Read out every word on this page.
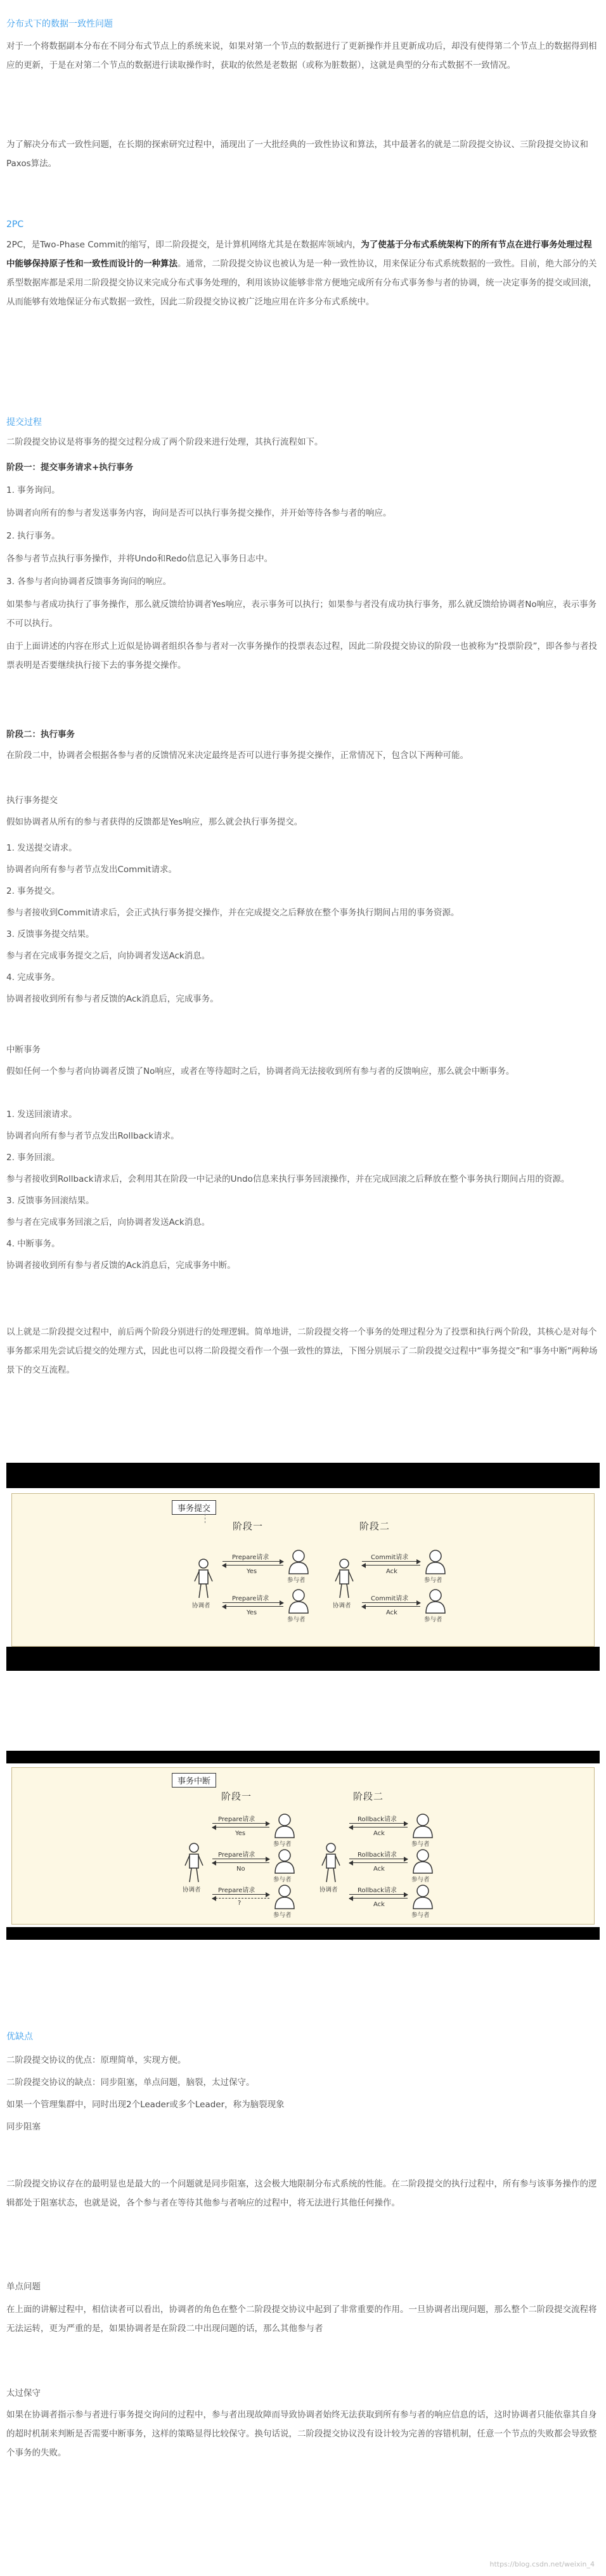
分布式下的数据一致性问题

对于一个将数据副本分布在不同分布式节点上的系统来说，如果对第一个节点的数据进行了更新操作并且更新成功后，却没有使得第二个节点上的数据得到相应的更新，于是在对第二个节点的数据进行读取操作时，获取的依然是老数据（或称为脏数据），这就是典型的分布式数据不一致情况。

为了解决分布式一致性问题，在长期的探索研究过程中，涌现出了一大批经典的一致性协议和算法，其中最著名的就是二阶段提交协议、三阶段提交协议和Paxos算法。

2PC

2PC，是Two-Phase Commit的缩写，即二阶段提交，是计算机网络尤其是在数据库领域内，为了使基于分布式系统架构下的所有节点在进行事务处理过程中能够保持原子性和一致性而设计的一种算法。通常，二阶段提交协议也被认为是一种一致性协议，用来保证分布式系统数据的一致性。目前，绝大部分的关系型数据库都是采用二阶段提交协议来完成分布式事务处理的，利用该协议能够非常方便地完成所有分布式事务参与者的协调，统一决定事务的提交或回滚，从而能够有效地保证分布式数据一致性，因此二阶段提交协议被广泛地应用在许多分布式系统中。

提交过程

二阶段提交协议是将事务的提交过程分成了两个阶段来进行处理，其执行流程如下。

阶段一：提交事务请求+执行事务
1. 事务询问。
协调者向所有的参与者发送事务内容，询问是否可以执行事务提交操作，并开始等待各参与者的响应。
2. 执行事务。
各参与者节点执行事务操作，并将Undo和Redo信息记入事务日志中。
3. 各参与者向协调者反馈事务询问的响应。
如果参与者成功执行了事务操作，那么就反馈给协调者Yes响应，表示事务可以执行；如果参与者没有成功执行事务，那么就反馈给协调者No响应，表示事务不可以执行。
由于上面讲述的内容在形式上近似是协调者组织各参与者对一次事务操作的投票表态过程，因此二阶段提交协议的阶段一也被称为“投票阶段”，即各参与者投票表明是否要继续执行接下去的事务提交操作。
阶段二：执行事务

在阶段二中，协调者会根据各参与者的反馈情况来决定最终是否可以进行事务提交操作，正常情况下，包含以下两种可能。

执行事务提交
假如协调者从所有的参与者获得的反馈都是Yes响应，那么就会执行事务提交。
1. 发送提交请求。
协调者向所有参与者节点发出Commit请求。
2. 事务提交。
参与者接收到Commit请求后，会正式执行事务提交操作，并在完成提交之后释放在整个事务执行期间占用的事务资源。
3. 反馈事务提交结果。
参与者在完成事务提交之后，向协调者发送Ack消息。
4. 完成事务。
协调者接收到所有参与者反馈的Ack消息后，完成事务。
中断事务

假如任何一个参与者向协调者反馈了No响应，或者在等待超时之后，协调者尚无法接收到所有参与者的反馈响应，那么就会中断事务。

1. 发送回滚请求。
协调者向所有参与者节点发出Rollback请求。
2. 事务回滚。
参与者接收到Rollback请求后，会利用其在阶段一中记录的Undo信息来执行事务回滚操作，并在完成回滚之后释放在整个事务执行期间占用的资源。
3. 反馈事务回滚结果。
参与者在完成事务回滚之后，向协调者发送Ack消息。
4. 中断事务。
协调者接收到所有参与者反馈的Ack消息后，完成事务中断。

以上就是二阶段提交过程中，前后两个阶段分别进行的处理逻辑。简单地讲，二阶段提交将一个事务的处理过程分为了投票和执行两个阶段，其核心是对每个事务都采用先尝试后提交的处理方式，因此也可以将二阶段提交看作一个强一致性的算法，下图分别展示了二阶段提交过程中“事务提交”和“事务中断”两种场景下的交互流程。

事务提交
阶段一	阶段二
协调者
Prepare请求
Yes
Prepare请求
Yes
参与者
参与者
协调者
Commit请求
Ack
Commit请求
Ack
参与者
参与者
事务中断
阶段一	阶段二
协调者
Prepare请求
Yes
Prepare请求
No
Prepare请求
?
参与者
参与者
参与者
协调者
Rollback请求
Ack
Rollback请求
Ack
Rollback请求
Ack
参与者
参与者
参与者
优缺点
二阶段提交协议的优点：原理简单，实现方便。
二阶段提交协议的缺点：同步阻塞，单点问题，脑裂，太过保守。
如果一个管理集群中，同时出现2个Leader或多个Leader，称为脑裂现象
同步阻塞

二阶段提交协议存在的最明显也是最大的一个问题就是同步阻塞，这会极大地限制分布式系统的性能。在二阶段提交的执行过程中，所有参与该事务操作的逻辑都处于阻塞状态，也就是说，各个参与者在等待其他参与者响应的过程中，将无法进行其他任何操作。

单点问题

在上面的讲解过程中，相信读者可以看出，协调者的角色在整个二阶段提交协议中起到了非常重要的作用。一旦协调者出现问题，那么整个二阶段提交流程将无法运转，更为严重的是，如果协调者是在阶段二中出现问题的话，那么其他参与者

太过保守

如果在协调者指示参与者进行事务提交询问的过程中，参与者出现故障而导致协调者始终无法获取到所有参与者的响应信息的话，这时协调者只能依靠其自身的超时机制来判断是否需要中断事务，这样的策略显得比较保守。换句话说，二阶段提交协议没有设计较为完善的容错机制，任意一个节点的失败都会导致整个事务的失败。

https://blog.csdn.net/weixin_4
